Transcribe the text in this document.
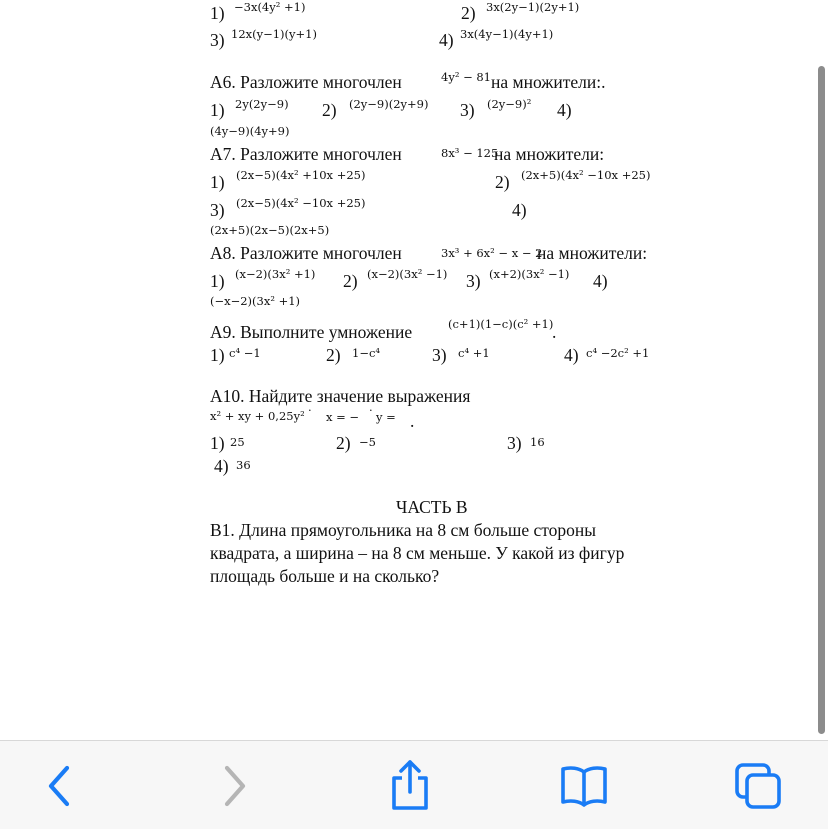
1) −3x(4y² +1)	2) 3x(2y−1)(2y+1)
3) 12x(y−1)(y+1)	4) 3x(4y−1)(4y+1)
А6. Разложите многочлен	4y² − 81 на множители:.
1) 2y(2y−9) 2) (2y−9)(2y+9) 3) (2y−9)² 4)
(4y−9)(4y+9)
А7. Разложите многочлен	8x³ − 125
на множители:
1) (2x−5)(4x² +10x +25)	2) (2x+5)(4x² −10x +25)
3) (2x−5)(4x² −10x +25)	4)
(2x+5)(2x−5)(2x+5)
А8. Разложите многочлен	3x³ + 6x² − x − 2
на множители:
1) (x−2)(3x² +1) 2) (x−2)(3x² −1) 3) (x+2)(3x² −1) 4)
(−x−2)(3x² +1)
А9. Выполните умножение	(c+1)(1−c)(c² +1)
.
1) c⁴ −1	2) 1−c⁴	3) c⁴ +1	4) c⁴ −2c² +1
А10. Найдите значение выражения
x² + xy + 0,25y² · x = − · y = .
1) 25	2) −5	3) 16
4) 36
ЧАСТЬ В
В1. Длина прямоугольника на 8 см больше стороны
квадрата, а ширина – на 8 см меньше. У какой из фигур
площадь больше и на сколько?
